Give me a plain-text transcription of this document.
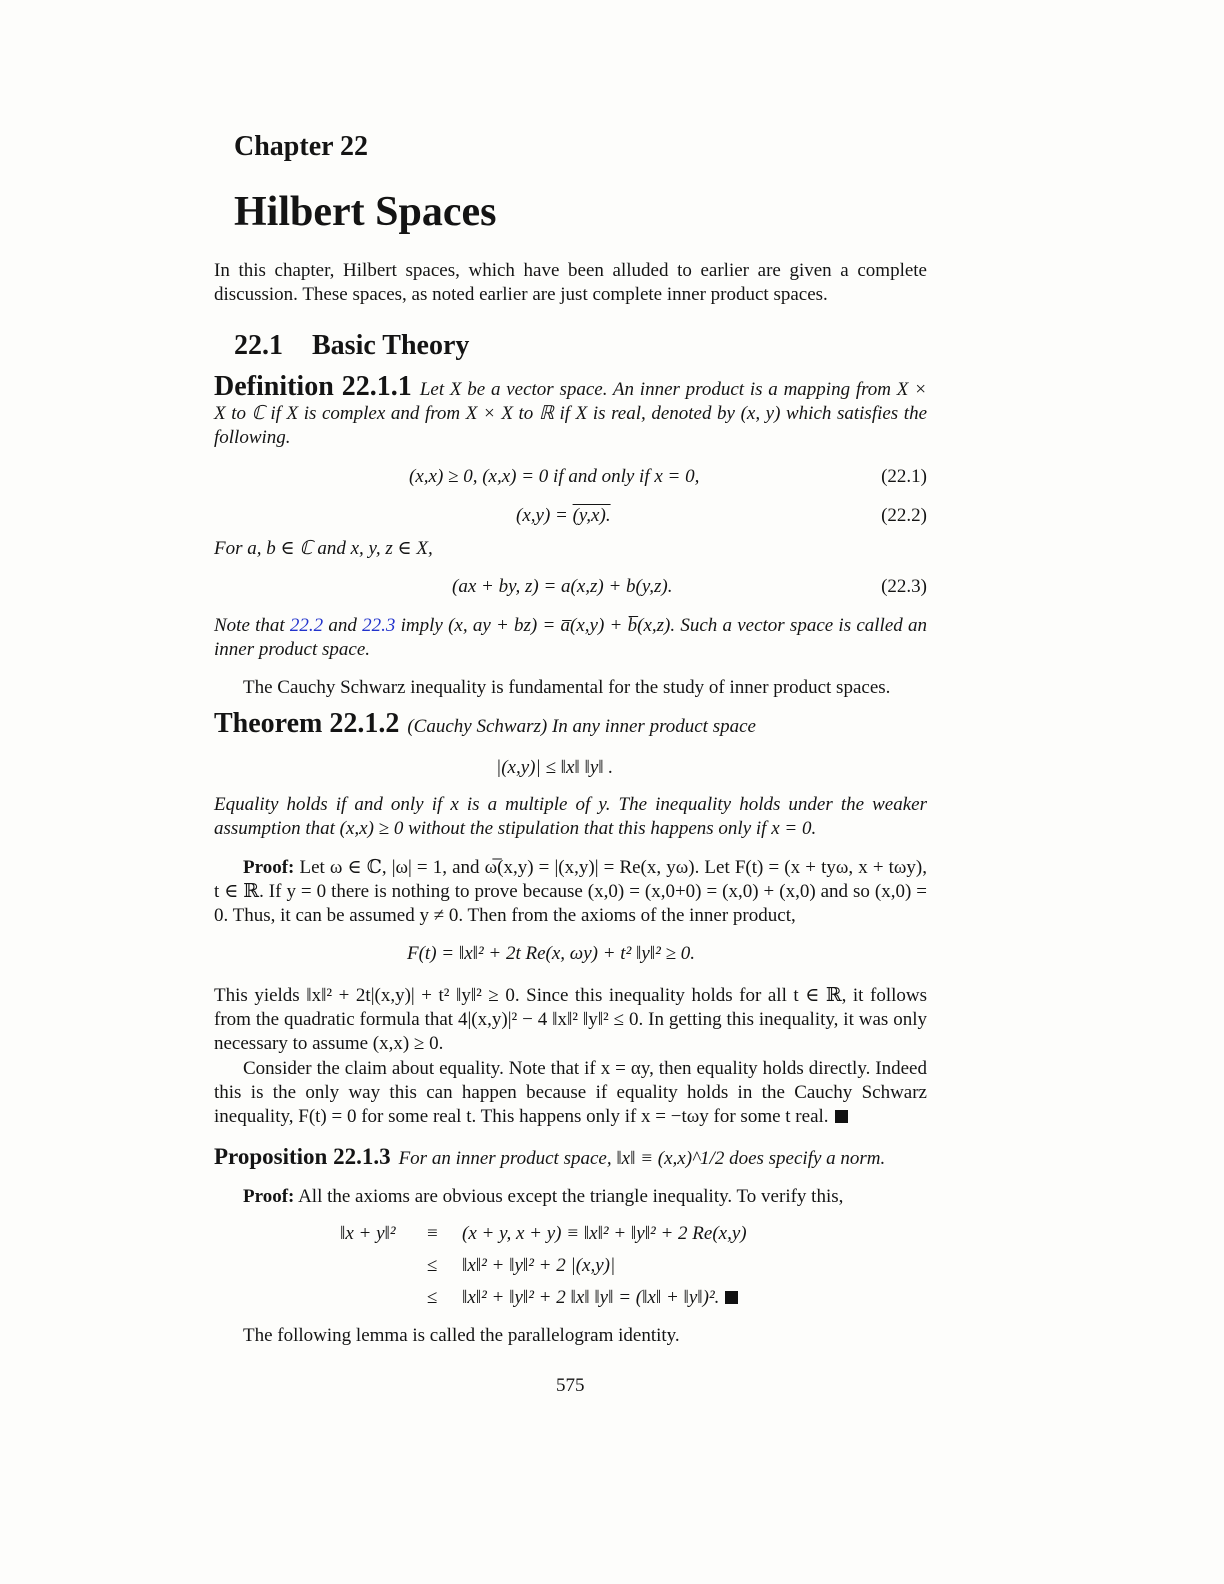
Chapter 22
Hilbert Spaces
In this chapter, Hilbert spaces, which have been alluded to earlier are given a complete discussion. These spaces, as noted earlier are just complete inner product spaces.
22.1 Basic Theory
Definition 22.1.1 Let X be a vector space. An inner product is a mapping from X × X to ℂ if X is complex and from X × X to ℝ if X is real, denoted by (x, y) which satisfies the following.
(x,x) ≥ 0, (x,x) = 0 if and only if x = 0,	(22.1)
(x,y) = (y,x).	(22.2)
For a, b ∈ ℂ and x, y, z ∈ X,
(ax + by, z) = a(x,z) + b(y,z).	(22.3)
Note that 22.2 and 22.3 imply (x, ay + bz) = a̅(x,y) + b̅(x,z). Such a vector space is called an inner product space.
The Cauchy Schwarz inequality is fundamental for the study of inner product spaces.
Theorem 22.1.2 (Cauchy Schwarz) In any inner product space
|(x,y)| ≤ ‖x‖ ‖y‖ .
Equality holds if and only if x is a multiple of y. The inequality holds under the weaker assumption that (x,x) ≥ 0 without the stipulation that this happens only if x = 0.
Proof: Let ω ∈ ℂ, |ω| = 1, and ω̅(x,y) = |(x,y)| = Re(x, yω). Let F(t) = (x + tyω, x + tωy), t ∈ ℝ. If y = 0 there is nothing to prove because (x,0) = (x,0+0) = (x,0) + (x,0) and so (x,0) = 0. Thus, it can be assumed y ≠ 0. Then from the axioms of the inner product,
F(t) = ‖x‖² + 2t Re(x, ωy) + t² ‖y‖² ≥ 0.
This yields ‖x‖² + 2t|(x,y)| + t² ‖y‖² ≥ 0. Since this inequality holds for all t ∈ ℝ, it follows from the quadratic formula that 4|(x,y)|² − 4 ‖x‖² ‖y‖² ≤ 0. In getting this inequality, it was only necessary to assume (x,x) ≥ 0.
Consider the claim about equality. Note that if x = αy, then equality holds directly. Indeed this is the only way this can happen because if equality holds in the Cauchy Schwarz inequality, F(t) = 0 for some real t. This happens only if x = −tωy for some t real.
Proposition 22.1.3 For an inner product space, ‖x‖ ≡ (x,x)^1/2 does specify a norm.
Proof: All the axioms are obvious except the triangle inequality. To verify this,
‖x + y‖² ≡ (x + y, x + y) ≡ ‖x‖² + ‖y‖² + 2 Re(x,y)
≤ ‖x‖² + ‖y‖² + 2 |(x,y)|
≤ ‖x‖² + ‖y‖² + 2 ‖x‖ ‖y‖ = (‖x‖ + ‖y‖)².
The following lemma is called the parallelogram identity.
575
